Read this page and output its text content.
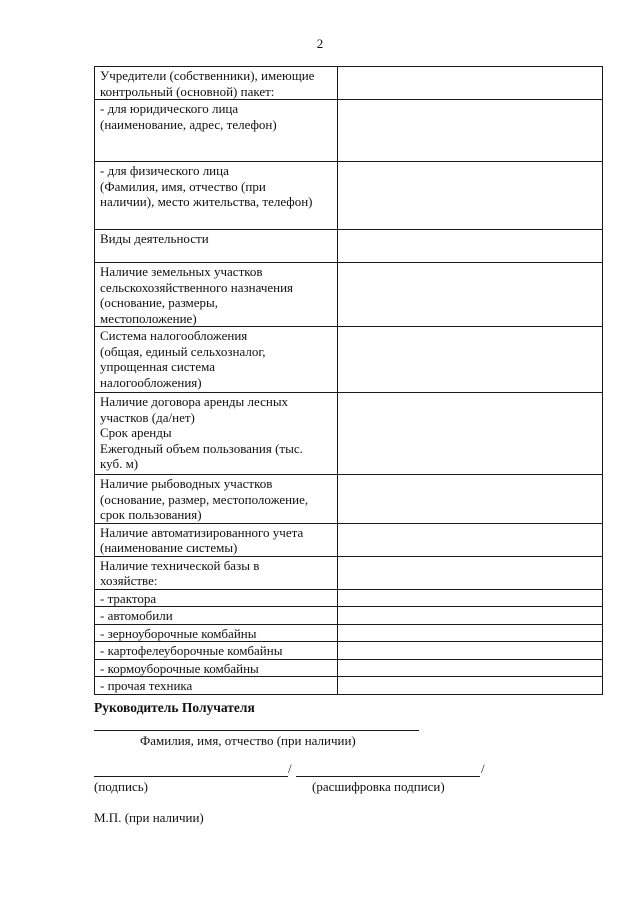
2
Учредители (собственники), имеющие
контрольный (основной) пакет:	

- для юридического лица
(наименование, адрес, телефон)	

- для физического лица
(Фамилия, имя, отчество (при
наличии), место жительства, телефон)	

Виды деятельности	

Наличие земельных участков
сельскохозяйственного назначения
(основание, размеры,
местоположение)	

Система налогообложения
(общая, единый сельхозналог,
упрощенная система
налогообложения)	

Наличие договора аренды лесных
участков (да/нет)
Срок аренды
Ежегодный объем пользования (тыс.
куб. м)	

Наличие рыбоводных участков
(основание, размер, местоположение,
срок пользования)	

Наличие автоматизированного учета
(наименование системы)	

Наличие технической базы в
хозяйстве:	

- трактора	

- автомобили	

- зерноуборочные комбайны	

- картофелеуборочные комбайны	

- кормоуборочные комбайны	

- прочая техника	

Руководитель Получателя
Фамилия, имя, отчество (при наличии)
/	/
(подпись)	(расшифровка подписи)
М.П. (при наличии)
